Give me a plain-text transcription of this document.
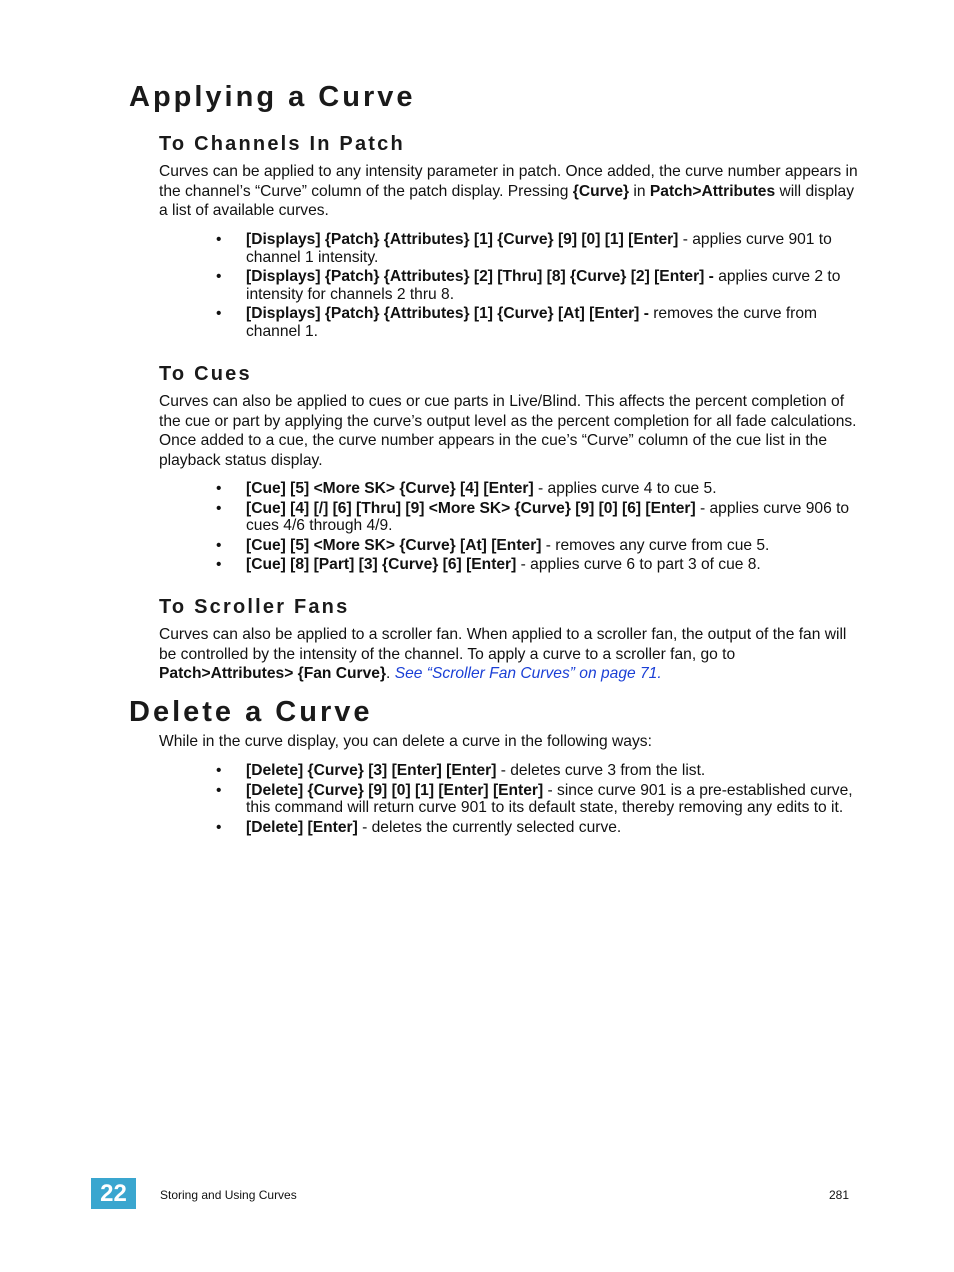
Applying a Curve
To Channels In Patch

Curves can be applied to any intensity parameter in patch. Once added, the curve number appears in the channel’s “Curve” column of the patch display. Pressing {Curve} in Patch>Attributes will display a list of available curves.

• [Displays] {Patch} {Attributes} [1] {Curve} [9] [0] [1] [Enter] - applies curve 901 to channel 1 intensity.
• [Displays] {Patch} {Attributes} [2] [Thru] [8] {Curve} [2] [Enter] - applies curve 2 to intensity for channels 2 thru 8.
• [Displays] {Patch} {Attributes} [1] {Curve} [At] [Enter] - removes the curve from channel 1.
To Cues

Curves can also be applied to cues or cue parts in Live/Blind. This affects the percent completion of the cue or part by applying the curve’s output level as the percent completion for all fade calculations. Once added to a cue, the curve number appears in the cue’s “Curve” column of the cue list in the playback status display.

• [Cue] [5] <More SK> {Curve} [4] [Enter] - applies curve 4 to cue 5.
• [Cue] [4] [/] [6] [Thru] [9] <More SK> {Curve} [9] [0] [6] [Enter] - applies curve 906 to cues 4/6 through 4/9.
• [Cue] [5] <More SK> {Curve} [At] [Enter] - removes any curve from cue 5.
• [Cue] [8] [Part] [3] {Curve} [6] [Enter] - applies curve 6 to part 3 of cue 8.
To Scroller Fans

Curves can also be applied to a scroller fan. When applied to a scroller fan, the output of the fan will be controlled by the intensity of the channel. To apply a curve to a scroller fan, go to Patch>Attributes> {Fan Curve}. See “Scroller Fan Curves” on page 71.

Delete a Curve

While in the curve display, you can delete a curve in the following ways:

• [Delete] {Curve} [3] [Enter] [Enter] - deletes curve 3 from the list.
• [Delete] {Curve} [9] [0] [1] [Enter] [Enter] - since curve 901 is a pre-established curve, this command will return curve 901 to its default state, thereby removing any edits to it.
• [Delete] [Enter] - deletes the currently selected curve.
22	Storing and Using Curves	281
